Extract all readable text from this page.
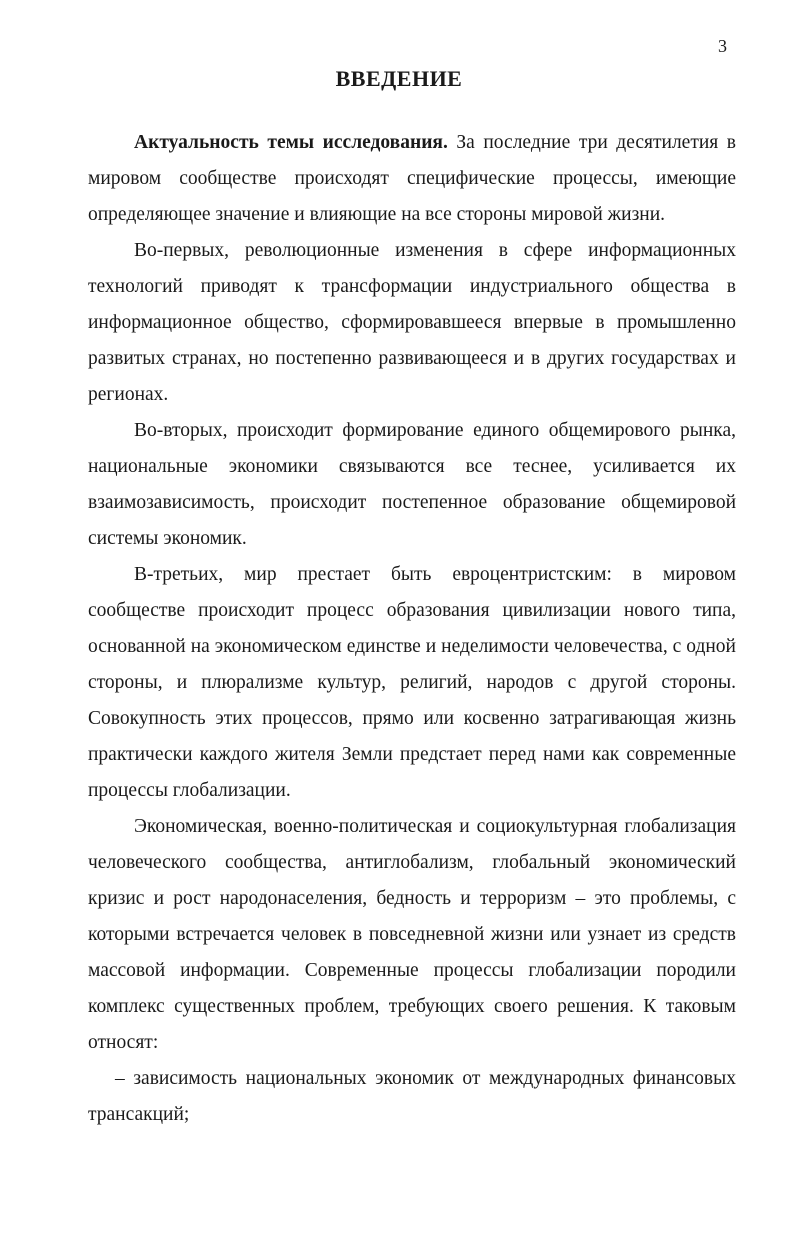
3
ВВЕДЕНИЕ
Актуальность темы исследования. За последние три десятилетия в
мировом сообществе происходят специфические процессы, имеющие
определяющее значение и влияющие на все стороны мировой жизни.
Во-первых, революционные изменения в сфере информационных
технологий приводят к трансформации индустриального общества в
информационное общество, сформировавшееся впервые в промышленно
развитых странах, но постепенно развивающееся и в других государствах и
регионах.
Во-вторых, происходит формирование единого общемирового рынка,
национальные экономики связываются все теснее, усиливается их
взаимозависимость, происходит постепенное образование общемировой
системы экономик.
В-третьих, мир престает быть евроцентристским: в мировом
сообществе происходит процесс образования цивилизации нового типа,
основанной на экономическом единстве и неделимости человечества, с одной
стороны, и плюрализме культур, религий, народов с другой стороны.
Совокупность этих процессов, прямо или косвенно затрагивающая жизнь
практически каждого жителя Земли предстает перед нами как современные
процессы глобализации.
Экономическая, военно-политическая и социокультурная глобализация
человеческого сообщества, антиглобализм, глобальный экономический
кризис и рост народонаселения, бедность и терроризм – это проблемы, с
которыми встречается человек в повседневной жизни или узнает из средств
массовой информации. Современные процессы глобализации породили
комплекс существенных проблем, требующих своего решения. К таковым
относят:
– зависимость национальных экономик от международных финансовых
трансакций;
